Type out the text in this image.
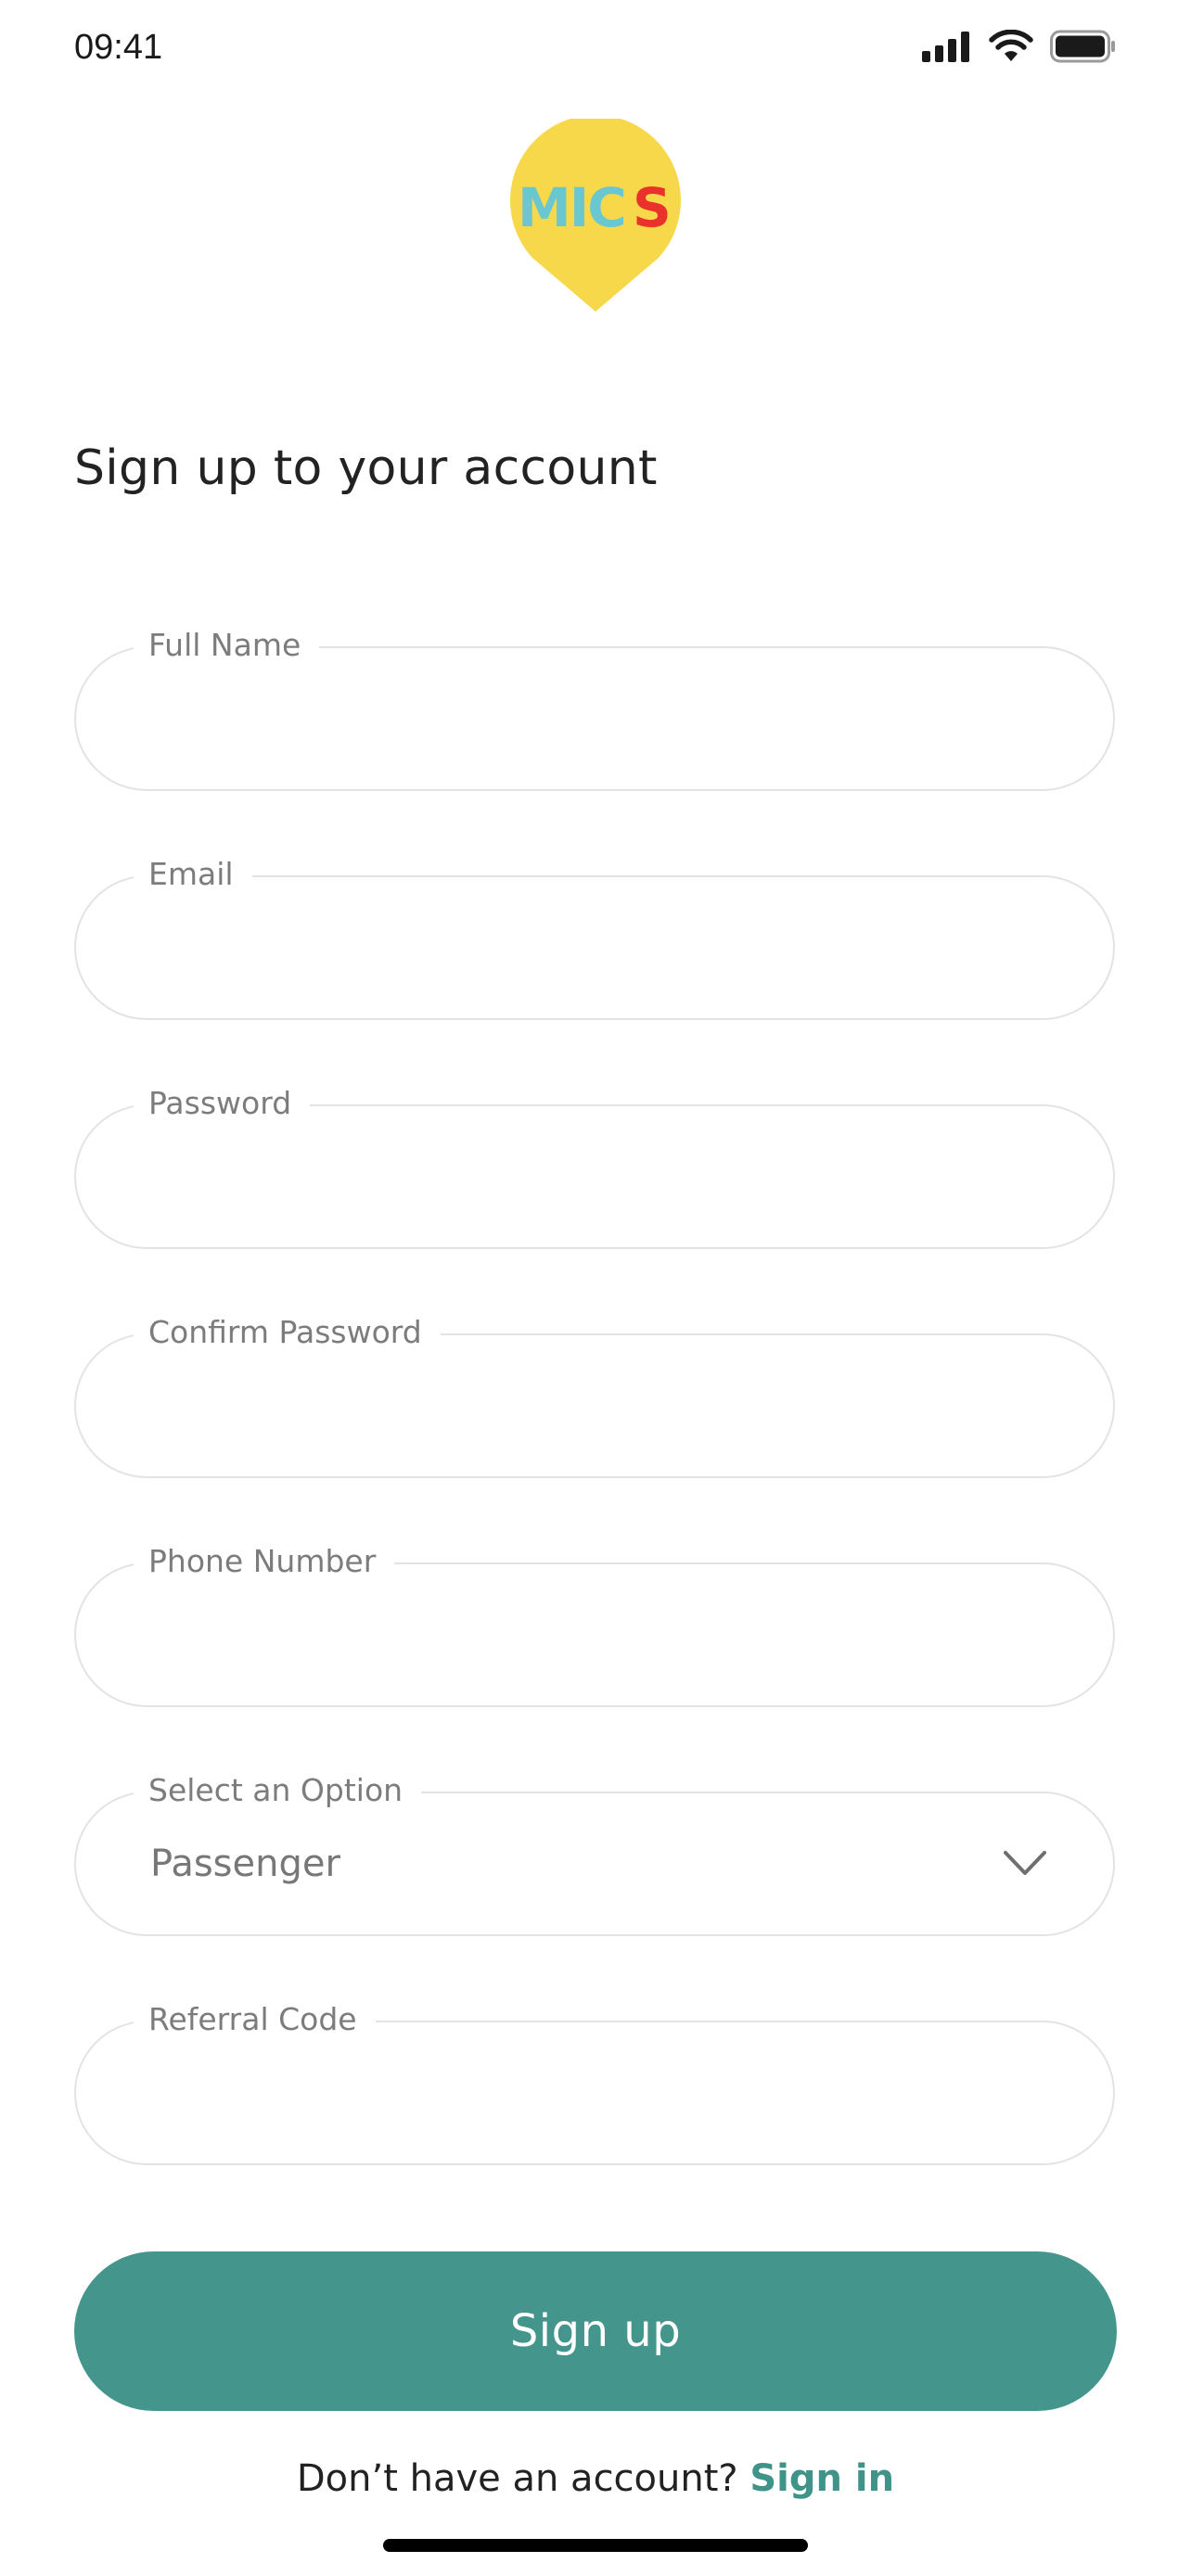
09:41
MIC S
Sign up to your account
Full Name
Email
Password
Confirm Password
Phone Number
Select an Option
Passenger
Referral Code
Sign up
Don’t have an account? Sign in
